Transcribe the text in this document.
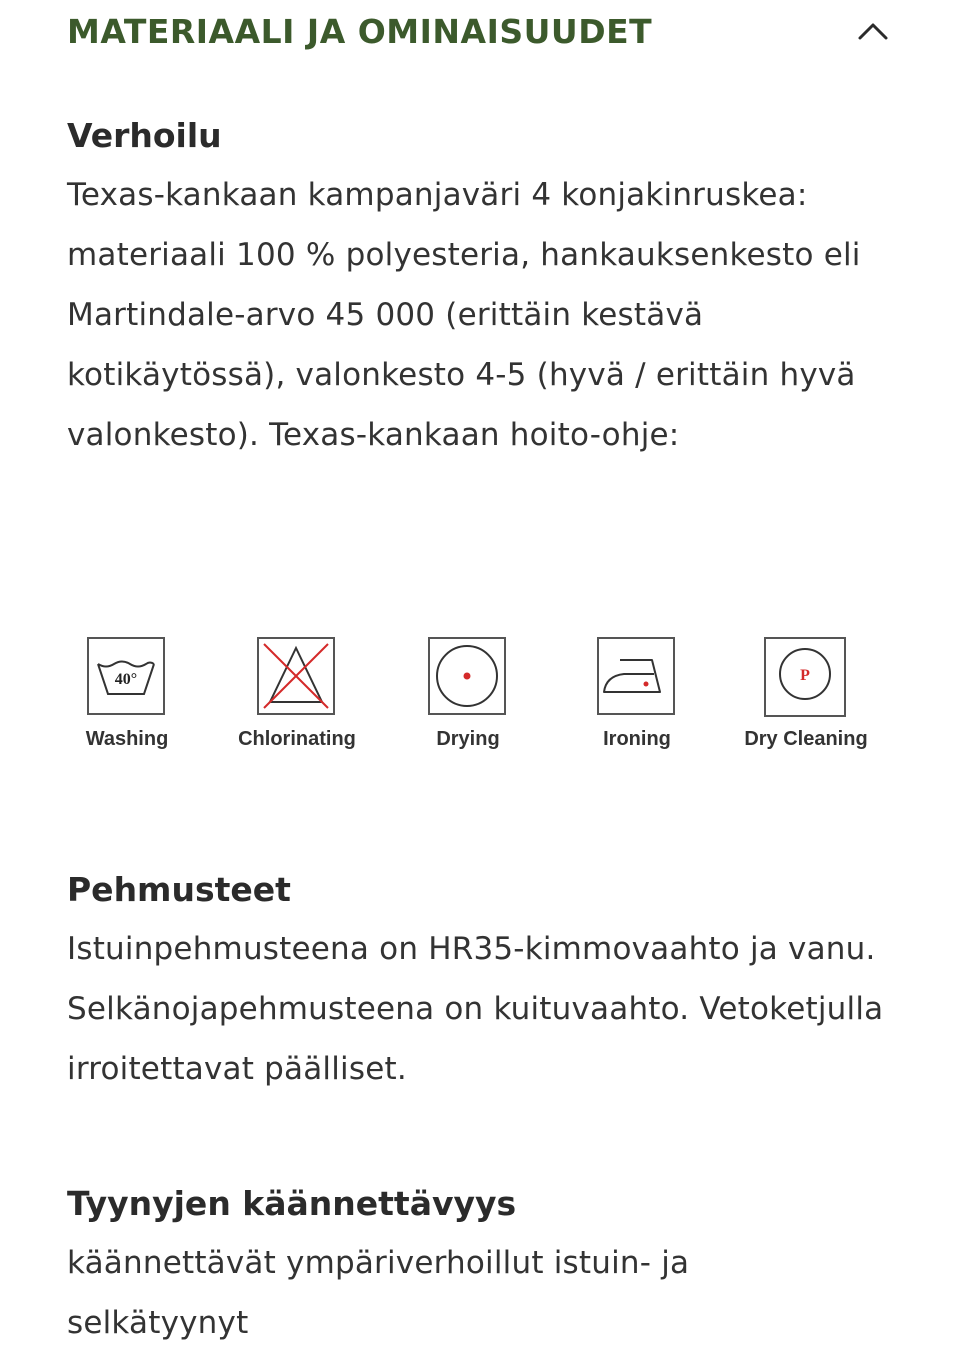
MATERIAALI JA OMINAISUUDET
Verhoilu

Texas-kankaan kampanjaväri 4 konjakinruskea: materiaali 100 % polyesteria, hankauksenkesto eli Martindale-arvo 45 000 (erittäin kestävä kotikäytössä), valonkesto 4-5 (hyvä / erittäin hyvä valonkesto). Texas-kankaan hoito-ohje:

40°
Washing	Chlorinating	Drying	Ironing
P
Dry Cleaning
Pehmusteet

Istuinpehmusteena on HR35-kimmovaahto ja vanu. Selkänojapehmusteena on kuituvaahto. Vetoketjulla irroitettavat päälliset.

Tyynyjen käännettävyys

käännettävät ympäriverhoillut istuin- ja selkätyynyt
